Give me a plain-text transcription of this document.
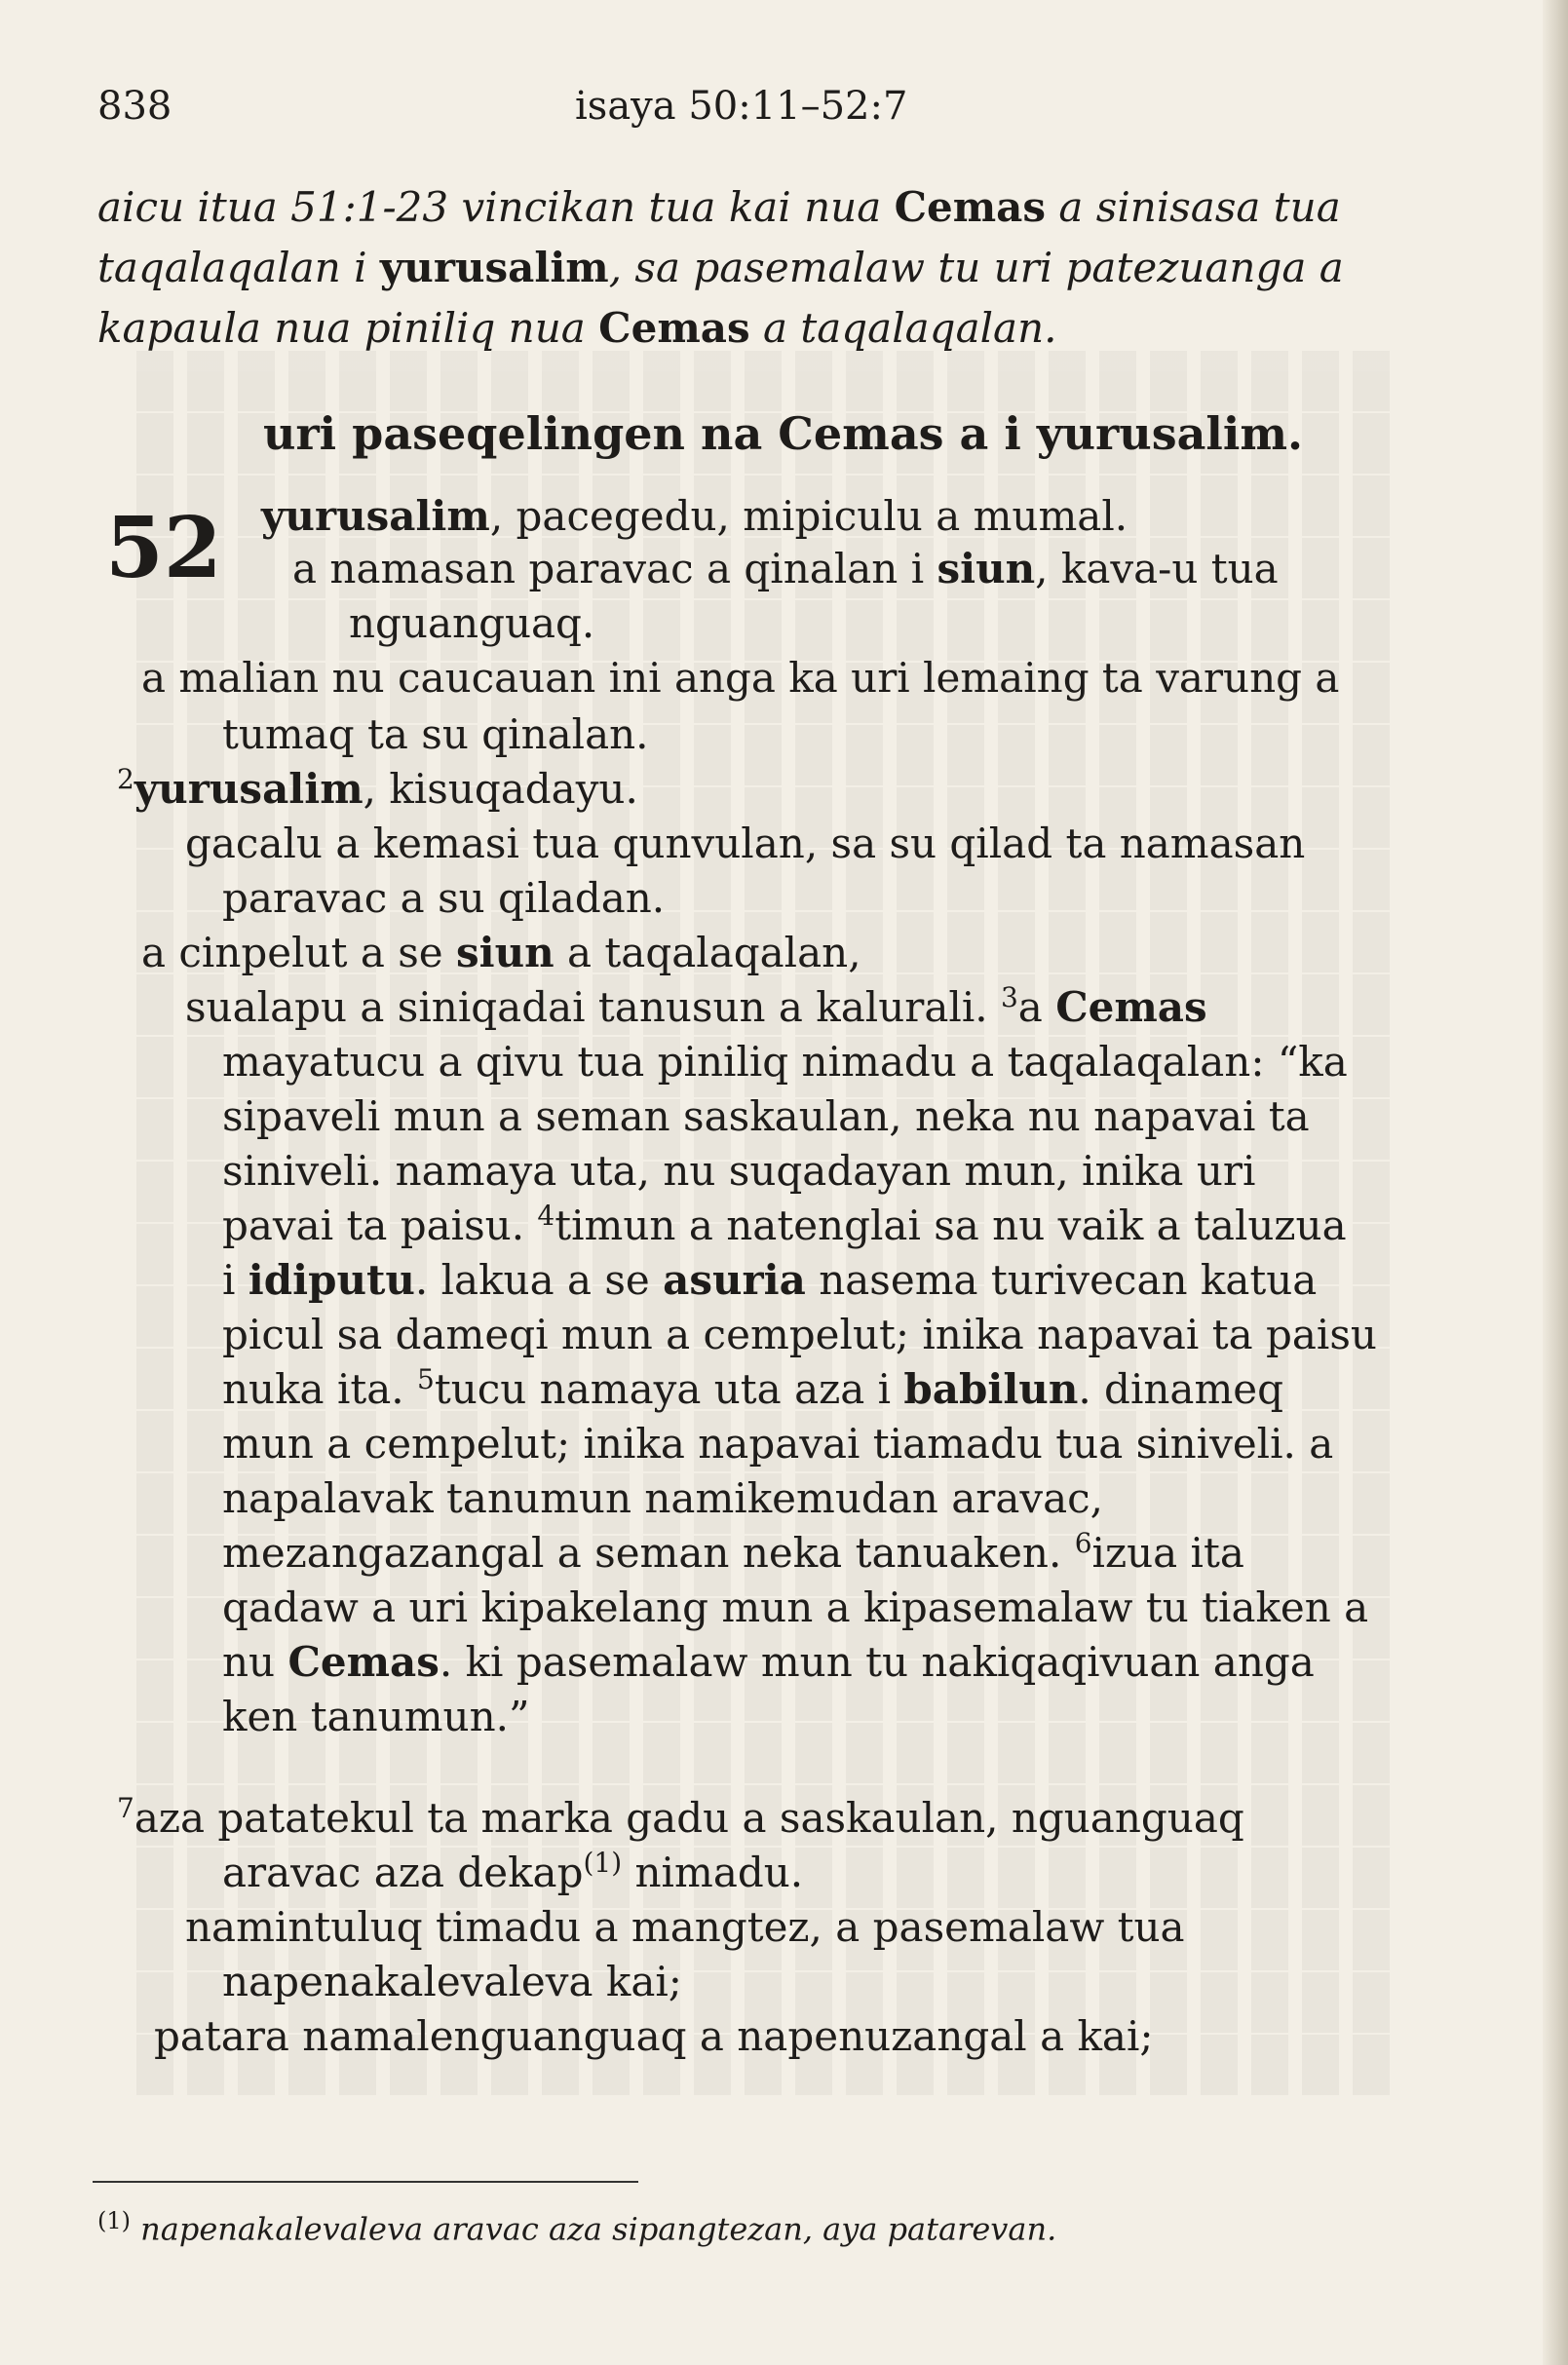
838	isaya 50:11–52:7
aicu itua 51:1-23 vincikan tua kai nua Cemas a sinisasa tua taqalaqalan i yurusalim, sa pasemalaw tu uri patezuanga a kapaula nua piniliq nua Cemas a taqalaqalan.
uri paseqelingen na Cemas a i yurusalim.
52 yurusalim, pacegedu, mipiculu a mumal.
a namasan paravac a qinalan i siun, kava-u tua
nguanguaq.
a malian nu caucauan ini anga ka uri lemaing ta varung a
tumaq ta su qinalan.
$^2$yurusalim, kisuqadayu.
gacalu a kemasi tua qunvulan, sa su qilad ta namasan
paravac a su qiladan.
a cinpelut a se siun a taqalaqalan,
sualapu a siniqadai tanusun a kalurali. $^3$a Cemas
mayatucu a qivu tua piniliq nimadu a taqalaqalan: “ka
sipaveli mun a seman saskaulan, neka nu napavai ta
siniveli. namaya uta, nu suqadayan mun, inika uri
pavai ta paisu. $^4$timun a natenglai sa nu vaik a taluzua
i idiputu. lakua a se asuria nasema turivecan katua
picul sa dameqi mun a cempelut; inika napavai ta paisu
nuka ita. $^5$tucu namaya uta aza i babilun. dinameq
mun a cempelut; inika napavai tiamadu tua siniveli. a
napalavak tanumun namikemudan aravac,
mezangazangal a seman neka tanuaken. $^6$izua ita
qadaw a uri kipakelang mun a kipasemalaw tu tiaken a
nu Cemas. ki pasemalaw mun tu nakiqaqivuan anga
ken tanumun.”
$^7$aza patatekul ta marka gadu a saskaulan, nguanguaq
aravac aza dekap$^{(1)}$ nimadu.
namintuluq timadu a mangtez, a pasemalaw tua
napenakalevaleva kai;
patara namalenguanguaq a napenuzangal a kai;
$^{(1)}$ napenakalevaleva aravac aza sipangtezan, aya patarevan.
